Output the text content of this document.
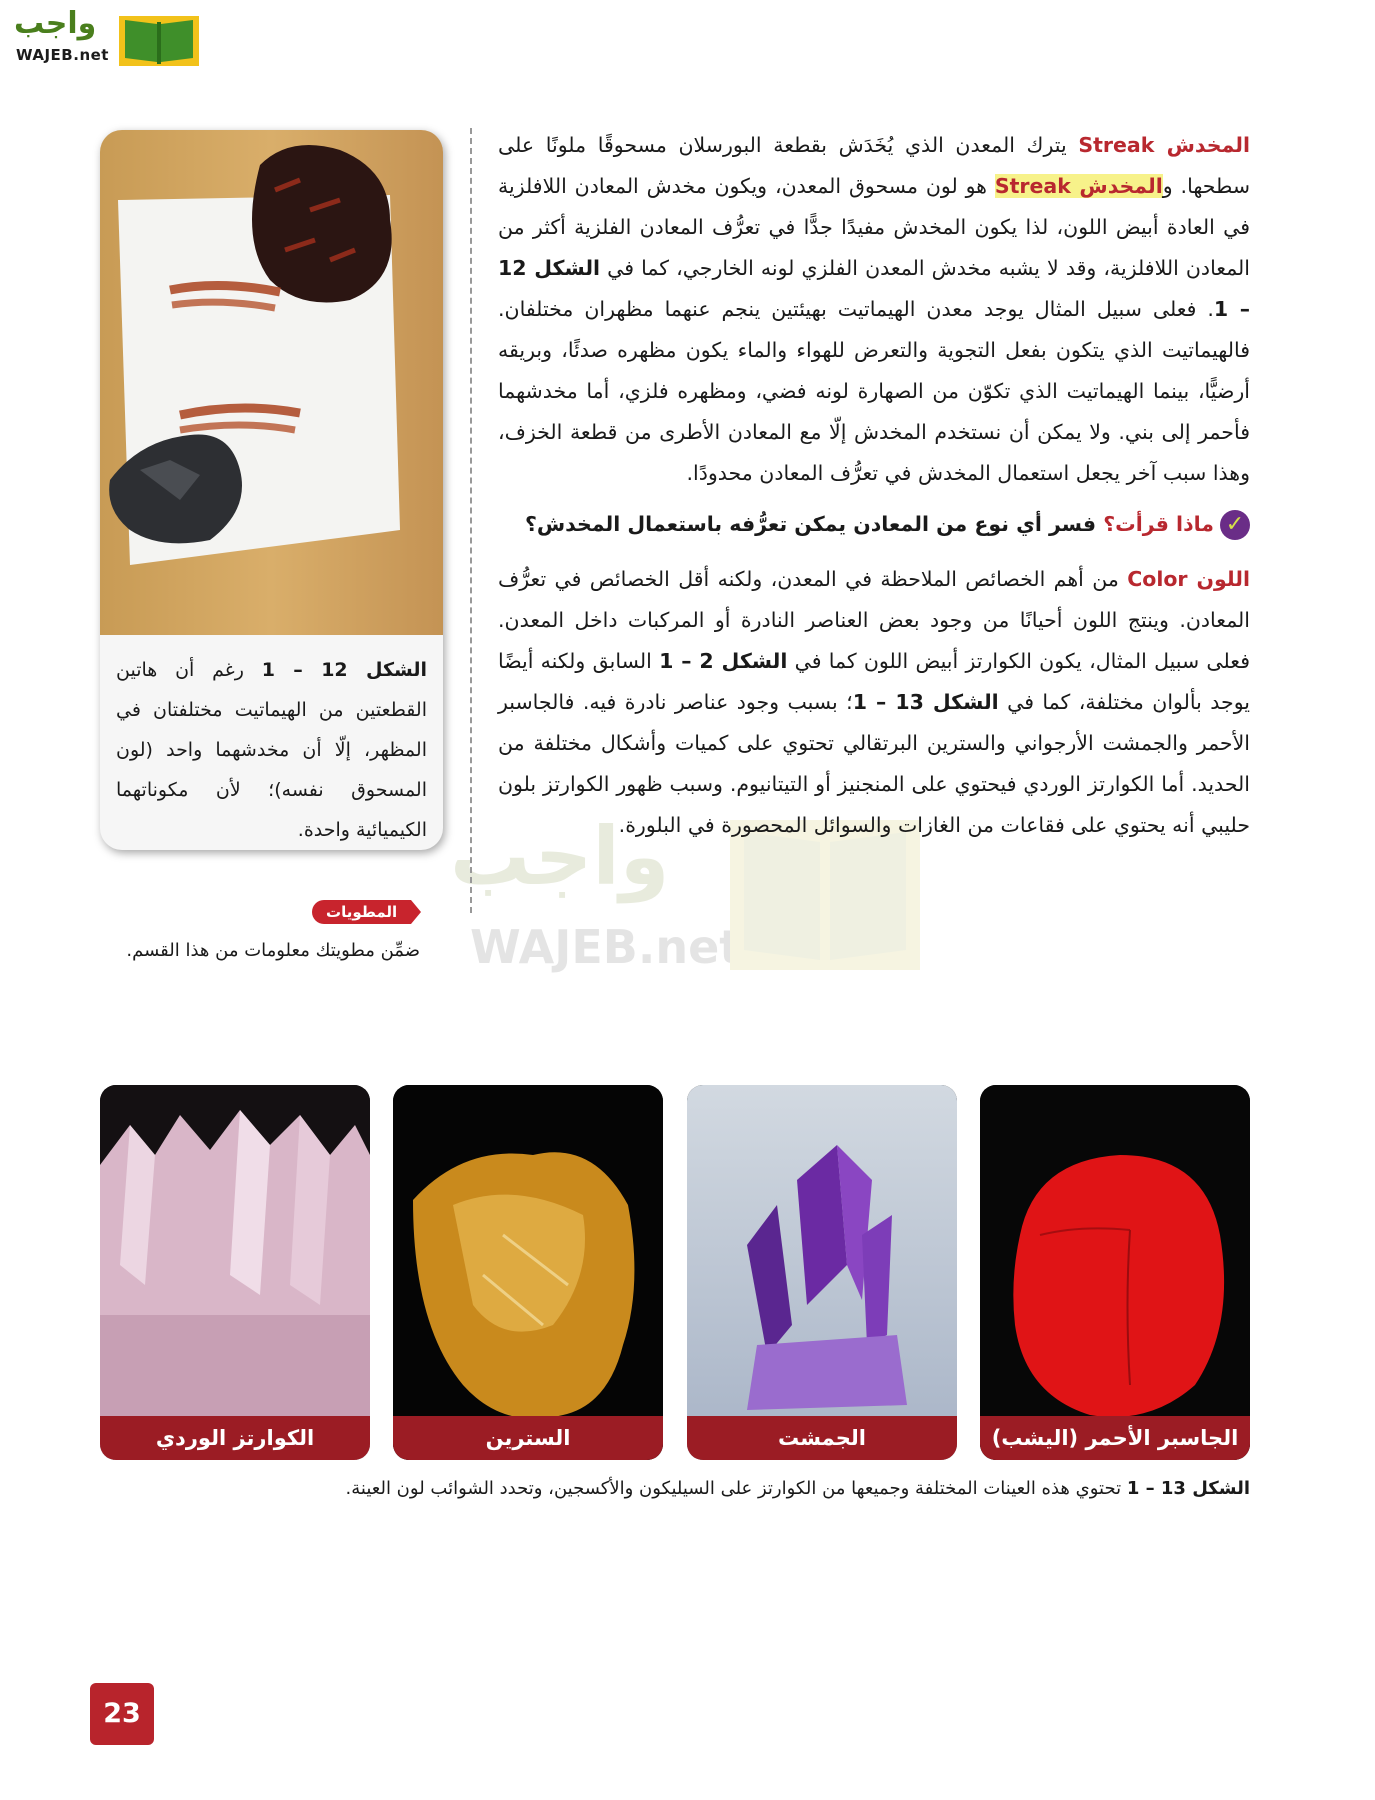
واجب
WAJEB.net
واجب
WAJEB.net

المخدش Streak يترك المعدن الذي يُخَدَش بقطعة البورسلان مسحوقًا ملونًا على سطحها. والمخدش Streak هو لون مسحوق المعدن، ويكون مخدش المعادن اللافلزية في العادة أبيض اللون، لذا يكون المخدش مفيدًا جدًّا في تعرُّف المعادن الفلزية أكثر من المعادن اللافلزية، وقد لا يشبه مخدش المعدن الفلزي لونه الخارجي، كما في الشكل 12 – 1. فعلى سبيل المثال يوجد معدن الهيماتيت بهيئتين ينجم عنهما مظهران مختلفان. فالهيماتيت الذي يتكون بفعل التجوية والتعرض للهواء والماء يكون مظهره صدئًا، وبريقه أرضيًّا، بينما الهيماتيت الذي تكوّن من الصهارة لونه فضي، ومظهره فلزي، أما مخدشهما فأحمر إلى بني. ولا يمكن أن نستخدم المخدش إلّا مع المعادن الأطرى من قطعة الخزف، وهذا سبب آخر يجعل استعمال المخدش في تعرُّف المعادن محدودًا.

✓ماذا قرأت؟ فسر أي نوع من المعادن يمكن تعرُّفه باستعمال المخدش؟

اللون Color من أهم الخصائص الملاحظة في المعدن، ولكنه أقل الخصائص في تعرُّف المعادن. وينتج اللون أحيانًا من وجود بعض العناصر النادرة أو المركبات داخل المعدن. فعلى سبيل المثال، يكون الكوارتز أبيض اللون كما في الشكل 2 – 1 السابق ولكنه أيضًا يوجد بألوان مختلفة، كما في الشكل 13 – 1؛ بسبب وجود عناصر نادرة فيه. فالجاسبر الأحمر والجمشت الأرجواني والسترين البرتقالي تحتوي على كميات وأشكال مختلفة من الحديد. أما الكوارتز الوردي فيحتوي على المنجنيز أو التيتانيوم. وسبب ظهور الكوارتز بلون حليبي أنه يحتوي على فقاعات من الغازات والسوائل المحصورة في البلورة.

الشكل 12 – 1 رغم أن هاتين القطعتين من الهيماتيت مختلفتان في المظهر، إلّا أن مخدشهما واحد (لون المسحوق نفسه)؛ لأن مكوناتهما الكيميائية واحدة.
المطويات
ضمِّن مطويتك معلومات من هذا القسم.
الجاسبر الأحمر (اليشب)
الجمشت
السترين
الكوارتز الوردي
الشكل 13 – 1 تحتوي هذه العينات المختلفة وجميعها من الكوارتز على السيليكون والأكسجين، وتحدد الشوائب لون العينة.
23
